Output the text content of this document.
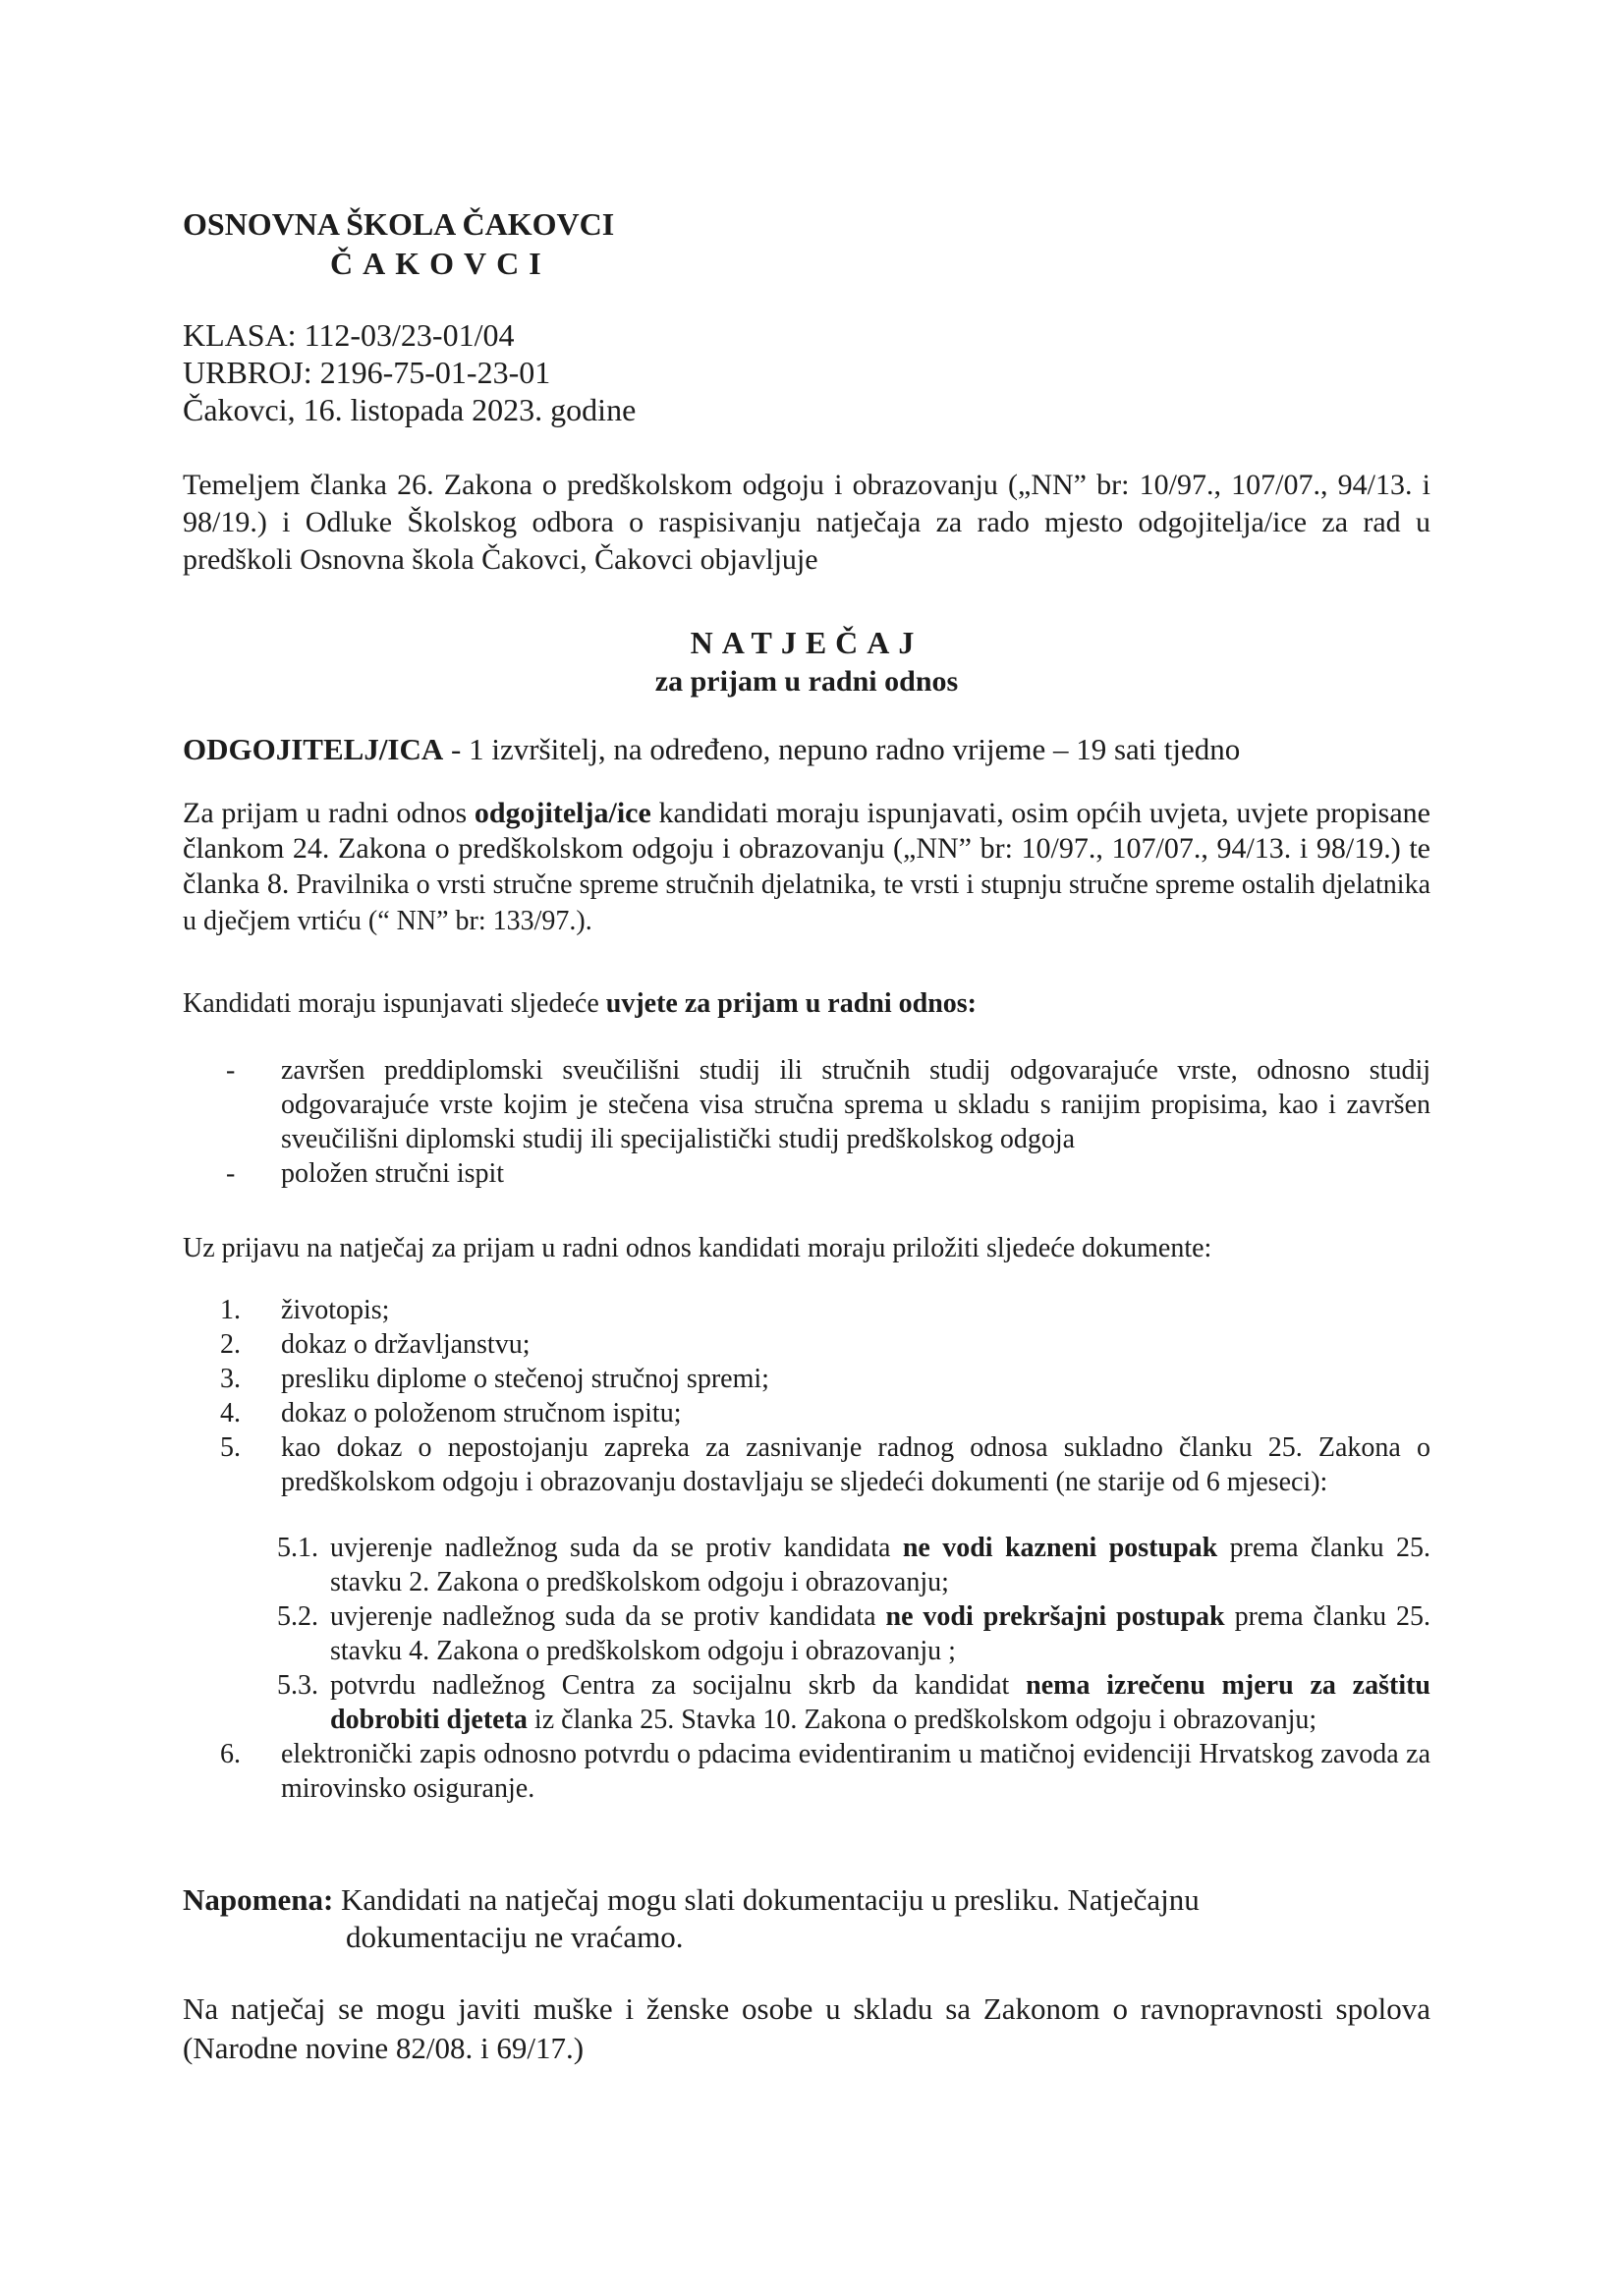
OSNOVNA ŠKOLA ČAKOVCI
ČAKOVCI
KLASA: 112-03/23-01/04
URBROJ: 2196-75-01-23-01
Čakovci, 16. listopada 2023. godine
Temeljem članka 26. Zakona o predškolskom odgoju i obrazovanju („NN” br: 10/97., 107/07., 94/13. i 98/19.) i Odluke Školskog odbora o raspisivanju natječaja za rado mjesto odgojitelja/ice za rad u predškoli Osnovna škola Čakovci, Čakovci objavljuje
NATJEČAJ
za prijam u radni odnos
ODGOJITELJ/ICA - 1 izvršitelj, na određeno, nepuno radno vrijeme – 19 sati tjedno
Za prijam u radni odnos odgojitelja/ice kandidati moraju ispunjavati, osim općih uvjeta, uvjete propisane člankom 24. Zakona o predškolskom odgoju i obrazovanju („NN” br: 10/97., 107/07., 94/13. i 98/19.) te članka 8. Pravilnika o vrsti stručne spreme stručnih djelatnika, te vrsti i stupnju stručne spreme ostalih djelatnika u dječjem vrtiću (“ NN” br: 133/97.).
Kandidati moraju ispunjavati sljedeće uvjete za prijam u radni odnos:
- završen preddiplomski sveučilišni studij ili stručnih studij odgovarajuće vrste, odnosno studij odgovarajuće vrste kojim je stečena visa stručna sprema u skladu s ranijim propisima, kao i završen sveučilišni diplomski studij ili specijalistički studij predškolskog odgoja
- položen stručni ispit
Uz prijavu na natječaj za prijam u radni odnos kandidati moraju priložiti sljedeće dokumente:
1. životopis;
2. dokaz o državljanstvu;
3. presliku diplome o stečenoj stručnoj spremi;
4. dokaz o položenom stručnom ispitu;
5. kao dokaz o nepostojanju zapreka za zasnivanje radnog odnosa sukladno članku 25. Zakona o predškolskom odgoju i obrazovanju dostavljaju se sljedeći dokumenti (ne starije od 6 mjeseci):
5.1. uvjerenje nadležnog suda da se protiv kandidata ne vodi kazneni postupak prema članku 25. stavku 2. Zakona o predškolskom odgoju i obrazovanju;
5.2. uvjerenje nadležnog suda da se protiv kandidata ne vodi prekršajni postupak prema članku 25. stavku 4. Zakona o predškolskom odgoju i obrazovanju ;
5.3. potvrdu nadležnog Centra za socijalnu skrb da kandidat nema izrečenu mjeru za zaštitu dobrobiti djeteta iz članka 25. Stavka 10. Zakona o predškolskom odgoju i obrazovanju;
6. elektronički zapis odnosno potvrdu o pdacima evidentiranim u matičnoj evidenciji Hrvatskog zavoda za mirovinsko osiguranje.
Napomena: Kandidati na natječaj mogu slati dokumentaciju u presliku. Natječajnu
dokumentaciju ne vraćamo.
Na natječaj se mogu javiti muške i ženske osobe u skladu sa Zakonom o ravnopravnosti spolova (Narodne novine 82/08. i 69/17.)
